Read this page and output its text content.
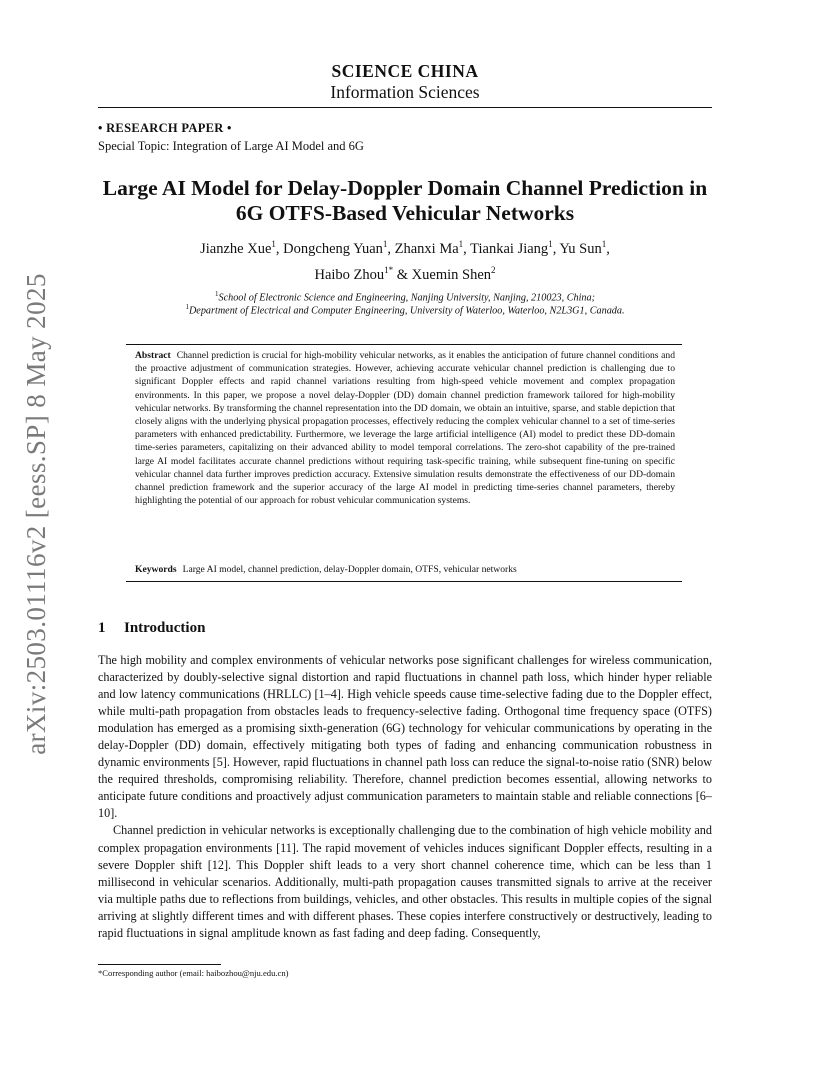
arXiv:2503.01116v2 [eess.SP] 8 May 2025
SCIENCE CHINA
Information Sciences
• RESEARCH PAPER •
Special Topic: Integration of Large AI Model and 6G
Large AI Model for Delay-Doppler Domain Channel Prediction in 6G OTFS-Based Vehicular Networks
Jianzhe Xue$^1$, Dongcheng Yuan$^1$, Zhanxi Ma$^1$, Tiankai Jiang$^1$, Yu Sun$^1$,
Haibo Zhou$^{1*}$ & Xuemin Shen$^2$
$^1$School of Electronic Science and Engineering, Nanjing University, Nanjing, 210023, China;
$^1$Department of Electrical and Computer Engineering, University of Waterloo, Waterloo, N2L3G1, Canada.
Abstract Channel prediction is crucial for high-mobility vehicular networks, as it enables the anticipation of future channel conditions and the proactive adjustment of communication strategies. However, achieving accurate vehicular channel prediction is challenging due to significant Doppler effects and rapid channel variations resulting from high-speed vehicle movement and complex propagation environments. In this paper, we propose a novel delay-Doppler (DD) domain channel prediction framework tailored for high-mobility vehicular networks. By transforming the channel representation into the DD domain, we obtain an intuitive, sparse, and stable depiction that closely aligns with the underlying physical propagation processes, effectively reducing the complex vehicular channel to a set of time-series parameters with enhanced predictability. Furthermore, we leverage the large artificial intelligence (AI) model to predict these DD-domain time-series parameters, capitalizing on their advanced ability to model temporal correlations. The zero-shot capability of the pre-trained large AI model facilitates accurate channel predictions without requiring task-specific training, while subsequent fine-tuning on specific vehicular channel data further improves prediction accuracy. Extensive simulation results demonstrate the effectiveness of our DD-domain channel prediction framework and the superior accuracy of the large AI model in predicting time-series channel parameters, thereby highlighting the potential of our approach for robust vehicular communication systems.
Keywords Large AI model, channel prediction, delay-Doppler domain, OTFS, vehicular networks
1 Introduction

The high mobility and complex environments of vehicular networks pose significant challenges for wireless communication, characterized by doubly-selective signal distortion and rapid fluctuations in channel path loss, which hinder hyper reliable and low latency communications (HRLLC) [1–4]. High vehicle speeds cause time-selective fading due to the Doppler effect, while multi-path propagation from obstacles leads to frequency-selective fading. Orthogonal time frequency space (OTFS) modulation has emerged as a promising sixth-generation (6G) technology for vehicular communications by operating in the delay-Doppler (DD) domain, effectively mitigating both types of fading and enhancing communication robustness in dynamic environments [5]. However, rapid fluctuations in channel path loss can reduce the signal-to-noise ratio (SNR) below the required thresholds, compromising reliability. Therefore, channel prediction becomes essential, allowing networks to anticipate future conditions and proactively adjust communication parameters to maintain stable and reliable connections [6–10].

Channel prediction in vehicular networks is exceptionally challenging due to the combination of high vehicle mobility and complex propagation environments [11]. The rapid movement of vehicles induces significant Doppler effects, resulting in a severe Doppler shift [12]. This Doppler shift leads to a very short channel coherence time, which can be less than 1 millisecond in vehicular scenarios. Additionally, multi-path propagation causes transmitted signals to arrive at the receiver via multiple paths due to reflections from buildings, vehicles, and other obstacles. This results in multiple copies of the signal arriving at slightly different times and with different phases. These copies interfere constructively or destructively, leading to rapid fluctuations in signal amplitude known as fast fading and deep fading. Consequently,

*Corresponding author (email: haibozhou@nju.edu.cn)
